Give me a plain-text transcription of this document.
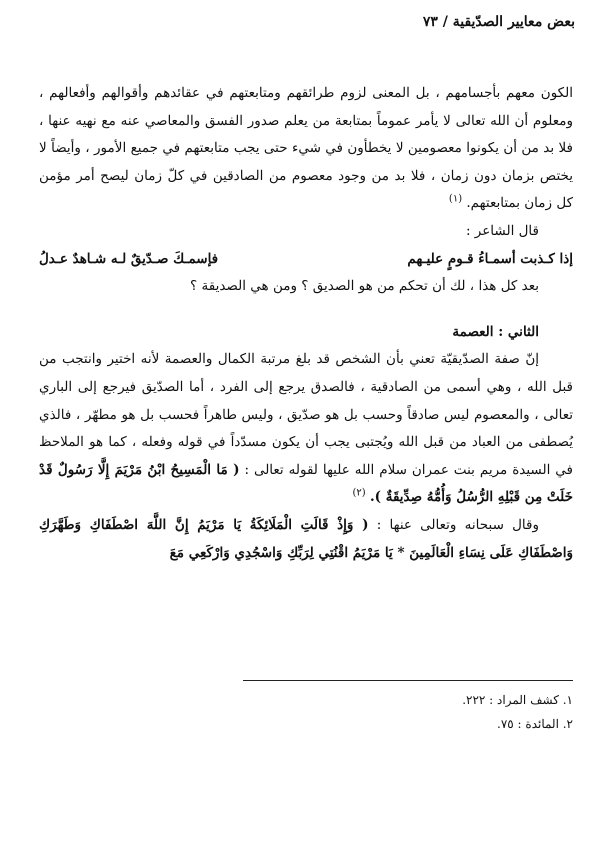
بعض معايير الصدّيقية / ٧٣

الكون معهم بأجسامهم ، بل المعنى لزوم طرائقهم ومتابعتهم في عقائدهم وأقوالهم وأفعالهم ، ومعلوم أن الله تعالى لا يأمر عموماً بمتابعة من يعلم صدور الفسق والمعاصي عنه مع نهيه عنها ، فلا بد من أن يكونوا معصومين لا يخطأون في شيء حتى يجب متابعتهم في جميع الأمور ، وأيضاً لا يختص بزمان دون زمان ، فلا بد من وجود معصوم من الصادقين في كلّ زمان ليصح أمر مؤمن كل زمان بمتابعتهم. $^{(١)}$

قال الشاعر :

إذا كـذبت أسمـاءُ قـومٍ عليـهم
فإسمـكَ صـدّيقٌ لـه شـاهدٌ عـدلُ

بعد كل هذا ، لك أن تحكم من هو الصديق ؟ ومن هي الصديقة ؟

الثاني : العصمة

إنّ صفة الصدّيقيّة تعني بأن الشخص قد بلغ مرتبة الكمال والعصمة لأنه اختير وانتجب من قبل الله ، وهي أسمى من الصادقية ، فالصدق يرجع إلى الفرد ، أما الصدّيق فيرجع إلى الباري تعالى ، والمعصوم ليس صادقاً وحسب بل هو صدّيق ، وليس طاهراً فحسب بل هو مطهّر ، فالذي يُصطفى من العباد من قبل الله ويُجتبى يجب أن يكون مسدّداً في قوله وفعله ، كما هو الملاحظ في السيدة مريم بنت عمران سلام الله عليها لقوله تعالى : ( مَا الْمَسِيحُ ابْنُ مَرْيَمَ إِلَّا رَسُولٌ قَدْ خَلَتْ مِن قَبْلِهِ الرُّسُلُ وَأُمُّهُ صِدِّيقَةٌ ). $^{(٢)}$

وقال سبحانه وتعالى عنها : ( وَإِذْ قَالَتِ الْمَلَائِكَةُ يَا مَرْيَمُ إِنَّ اللَّهَ اصْطَفَاكِ وَطَهَّرَكِ وَاصْطَفَاكِ عَلَى نِسَاءِ الْعَالَمِينَ * يَا مَرْيَمُ اقْنُتِي لِرَبِّكِ وَاسْجُدِي وَارْكَعِي مَعَ

١. كشف المراد : ٢٢٢.

٢. المائدة : ٧٥.
